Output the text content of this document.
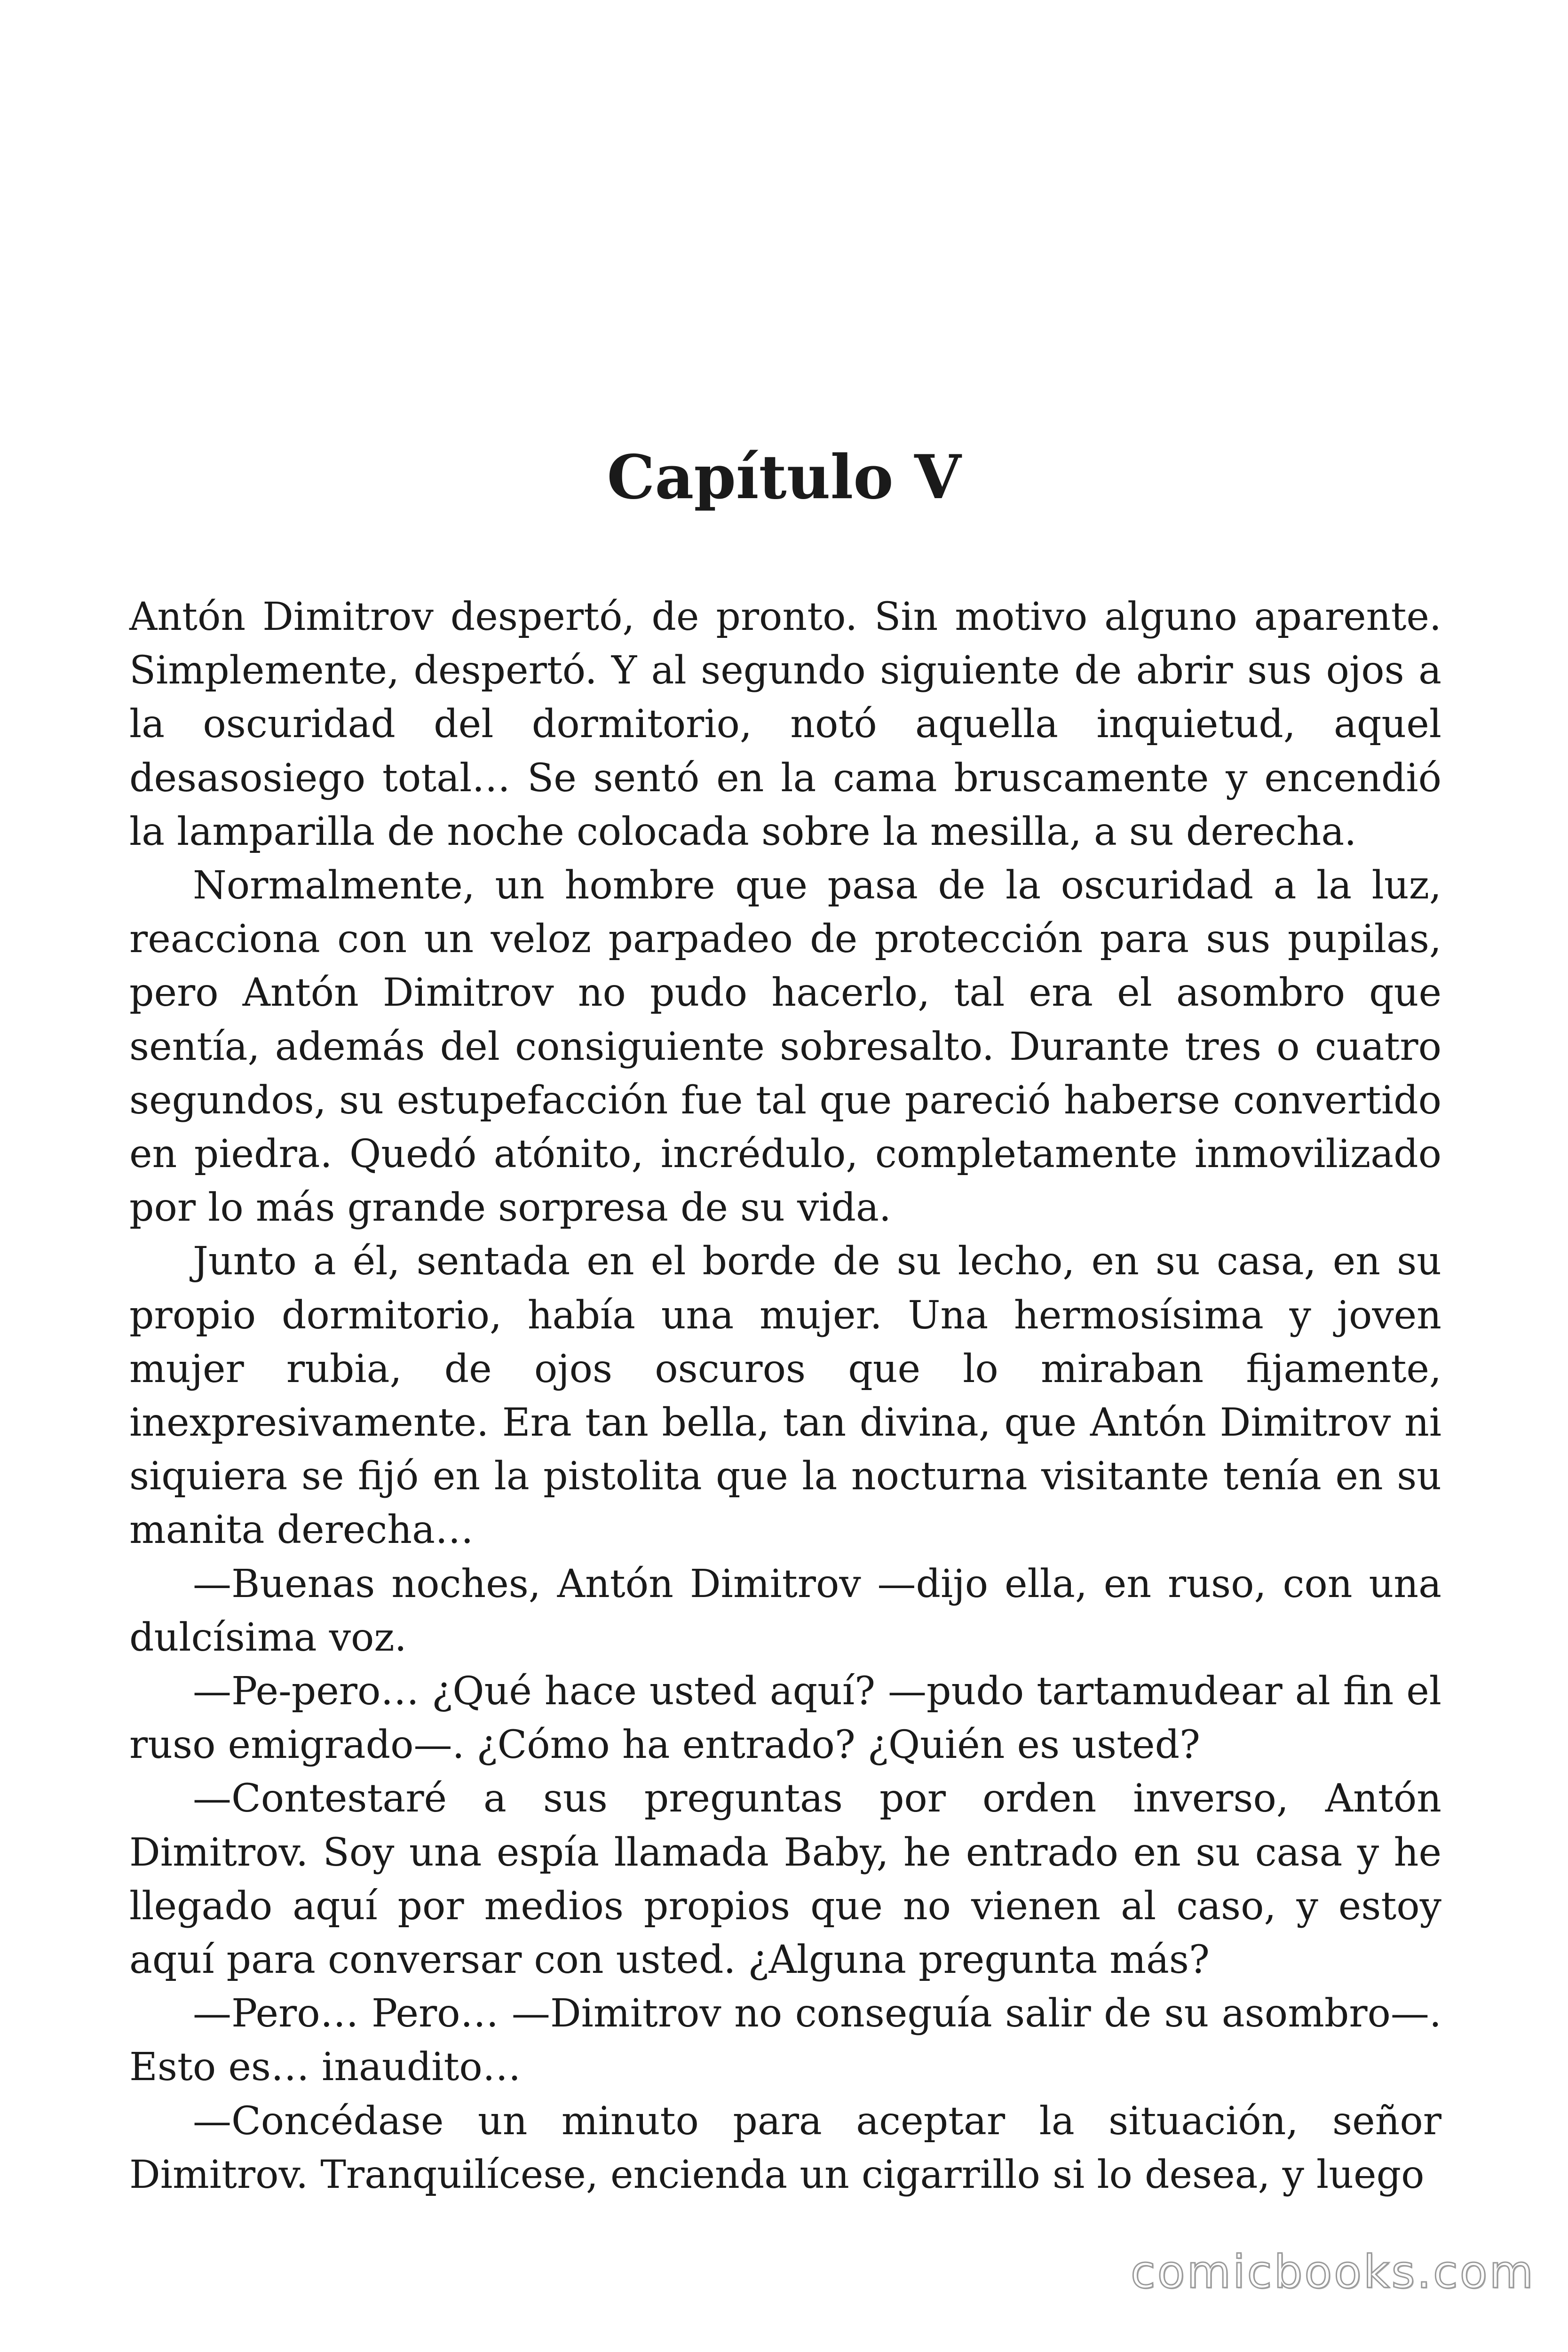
Capítulo V

Antón Dimitrov despertó, de pronto. Sin motivo alguno aparente. Simplemente, despertó. Y al segundo siguiente de abrir sus ojos a la oscuridad del dormitorio, notó aquella inquietud, aquel desasosiego total… Se sentó en la cama bruscamente y encendió la lamparilla de noche colocada sobre la mesilla, a su derecha.

Normalmente, un hombre que pasa de la oscuridad a la luz, reacciona con un veloz parpadeo de protección para sus pupilas, pero Antón Dimitrov no pudo hacerlo, tal era el asombro que sentía, además del consiguiente sobresalto. Durante tres o cuatro segundos, su estupefacción fue tal que pareció haberse convertido en piedra. Quedó atónito, incrédulo, completamente inmovilizado por lo más grande sorpresa de su vida.

Junto a él, sentada en el borde de su lecho, en su casa, en su propio dormitorio, había una mujer. Una hermosísima y joven mujer rubia, de ojos oscuros que lo miraban fijamente, inexpresivamente. Era tan bella, tan divina, que Antón Dimitrov ni siquiera se fijó en la pistolita que la nocturna visitante tenía en su manita derecha…

—Buenas noches, Antón Dimitrov —dijo ella, en ruso, con una dulcísima voz.

—Pe-pero… ¿Qué hace usted aquí? —pudo tartamudear al fin el ruso emigrado—. ¿Cómo ha entrado? ¿Quién es usted?

—Contestaré a sus preguntas por orden inverso, Antón Dimitrov. Soy una espía llamada Baby, he entrado en su casa y he llegado aquí por medios propios que no vienen al caso, y estoy aquí para conversar con usted. ¿Alguna pregunta más?

—Pero… Pero… —Dimitrov no conseguía salir de su asombro—. Esto es… inaudito…

—Concédase un minuto para aceptar la situación, señor Dimitrov. Tranquilícese, encienda un cigarrillo si lo desea, y luego

comicbooks.com
